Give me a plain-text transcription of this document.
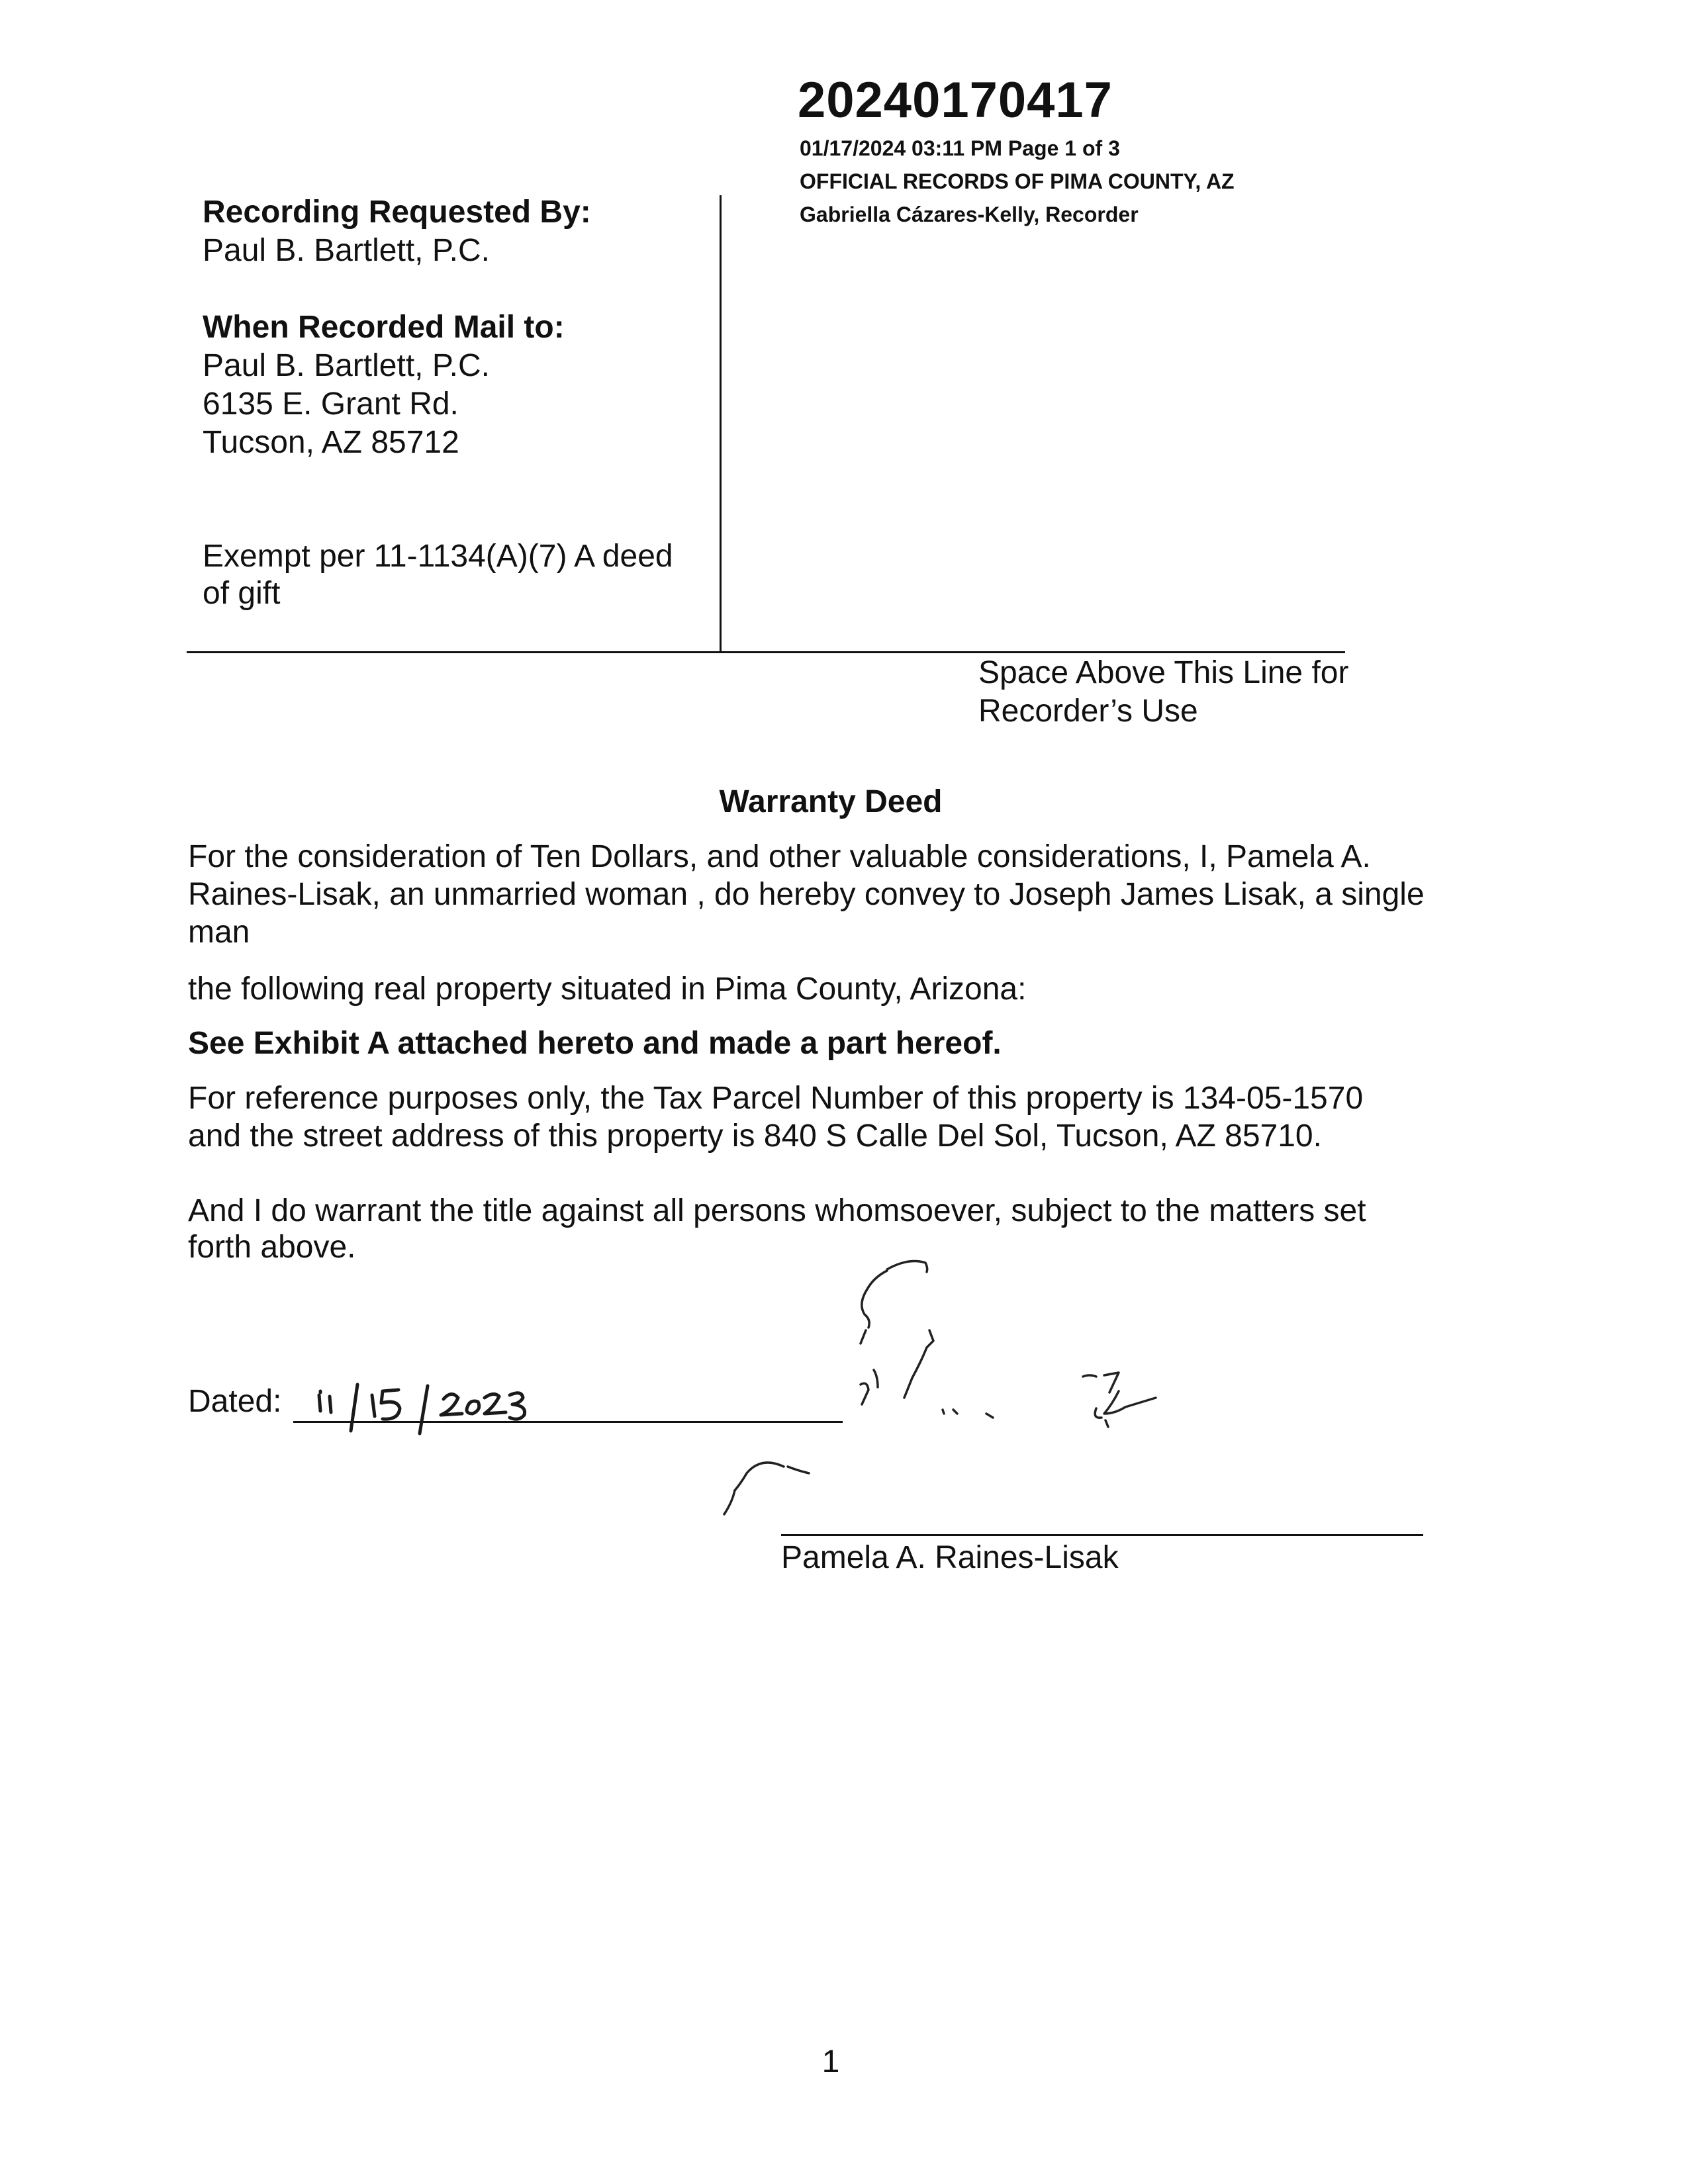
20240170417
01/17/2024 03:11 PM Page 1 of 3
OFFICIAL RECORDS OF PIMA COUNTY, AZ
Gabriella Cázares-Kelly, Recorder
Recording Requested By:
Paul B. Bartlett, P.C.
When Recorded Mail to:
Paul B. Bartlett, P.C.
6135 E. Grant Rd.
Tucson, AZ 85712
Exempt per 11-1134(A)(7) A deed
of gift
Space Above This Line for
Recorder’s Use
Warranty Deed
For the consideration of Ten Dollars, and other valuable considerations, I, Pamela A.
Raines-Lisak, an unmarried woman , do hereby convey to Joseph James Lisak, a single
man
the following real property situated in Pima County, Arizona:
See Exhibit A attached hereto and made a part hereof.
For reference purposes only, the Tax Parcel Number of this property is 134-05-1570
and the street address of this property is 840 S Calle Del Sol, Tucson, AZ 85710.
And I do warrant the title against all persons whomsoever, subject to the matters set
forth above.
Dated:
Pamela A. Raines-Lisak
1
